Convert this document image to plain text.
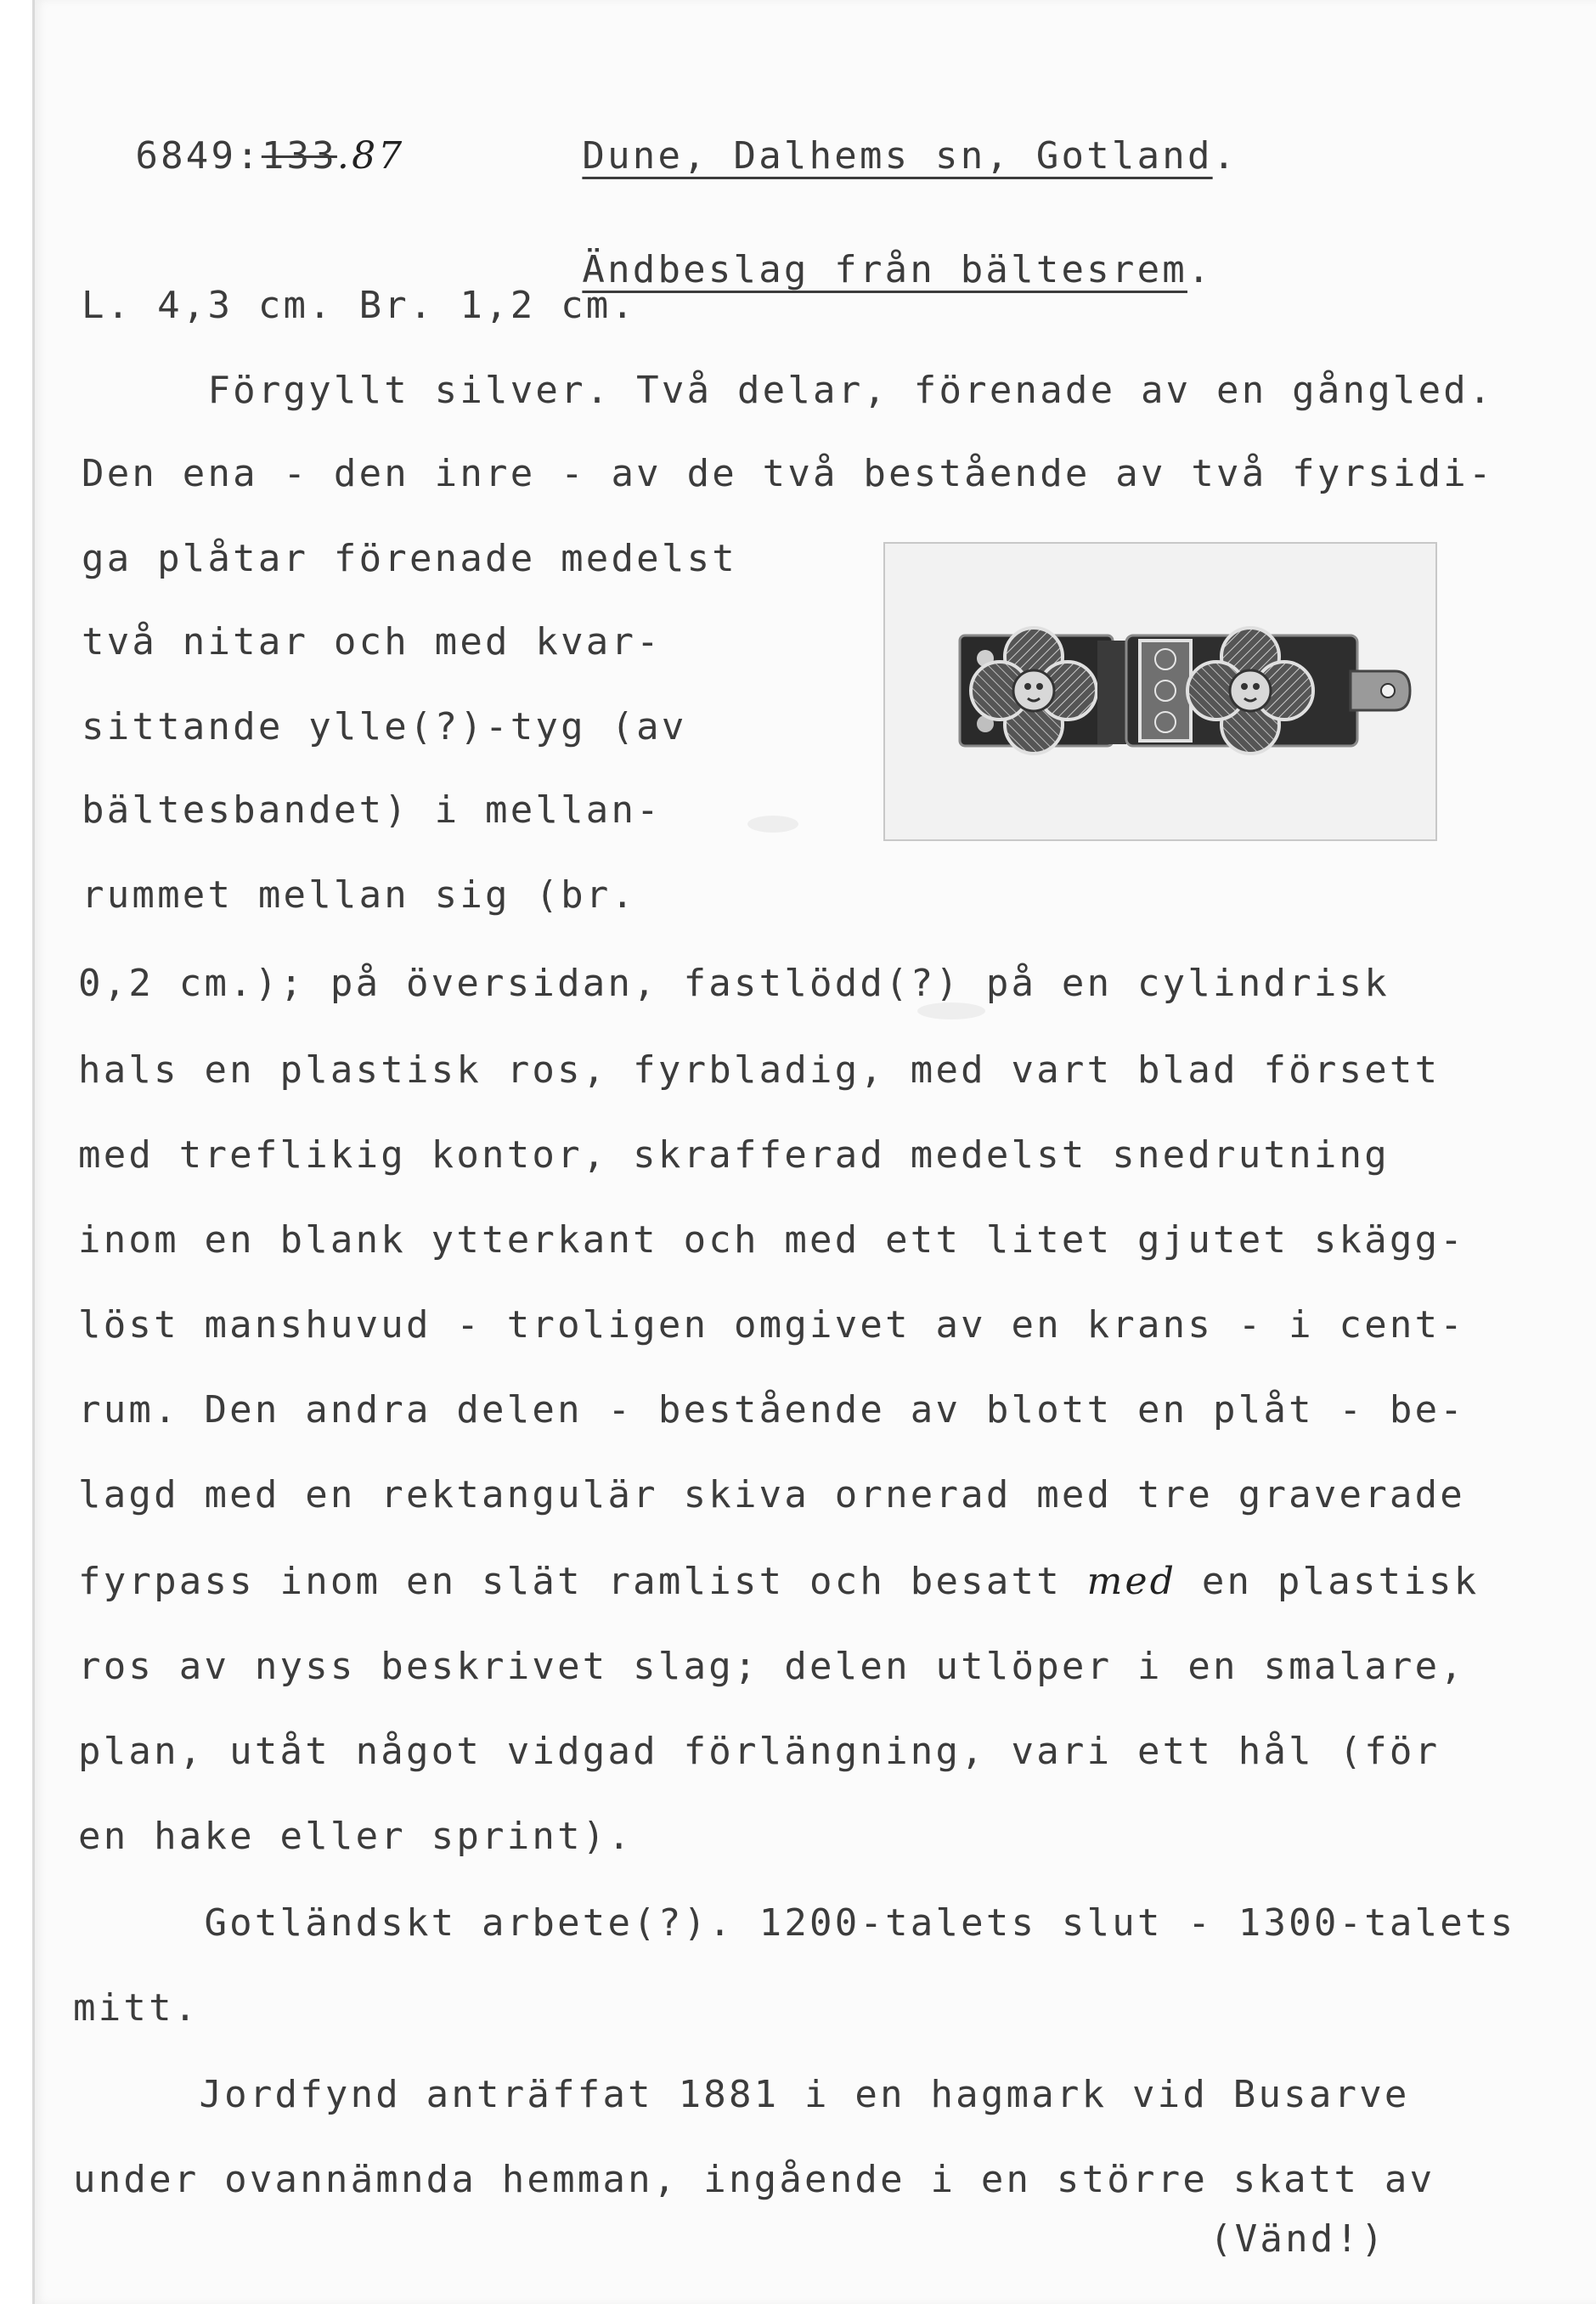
6849:133.87	Dune, Dalhems sn, Gotland.

Ändbeslag från bältesrem.

L. 4,3 cm. Br. 1,2 cm.
Förgyllt silver. Två delar, förenade av en gångled.
Den ena - den inre - av de två bestående av två fyrsidi-
ga plåtar förenade medelst
två nitar och med kvar-
sittande ylle(?)-tyg (av
bältesbandet) i mellan-
rummet mellan sig (br.
0,2 cm.); på översidan, fastlödd(?) på en cylindrisk
hals en plastisk ros, fyrbladig, med vart blad försett
med treflikig kontor, skrafferad medelst snedrutning
inom en blank ytterkant och med ett litet gjutet skägg-
löst manshuvud - troligen omgivet av en krans - i cent-
rum. Den andra delen - bestående av blott en plåt - be-
lagd med en rektangulär skiva ornerad med tre graverade
fyrpass inom en slät ramlist och besatt med en plastisk
ros av nyss beskrivet slag; delen utlöper i en smalare,
plan, utåt något vidgad förlängning, vari ett hål (för
en hake eller sprint).
Gotländskt arbete(?). 1200-talets slut - 1300-talets
mitt.
Jordfynd anträffat 1881 i en hagmark vid Busarve
under ovannämnda hemman, ingående i en större skatt av
(Vänd!)
